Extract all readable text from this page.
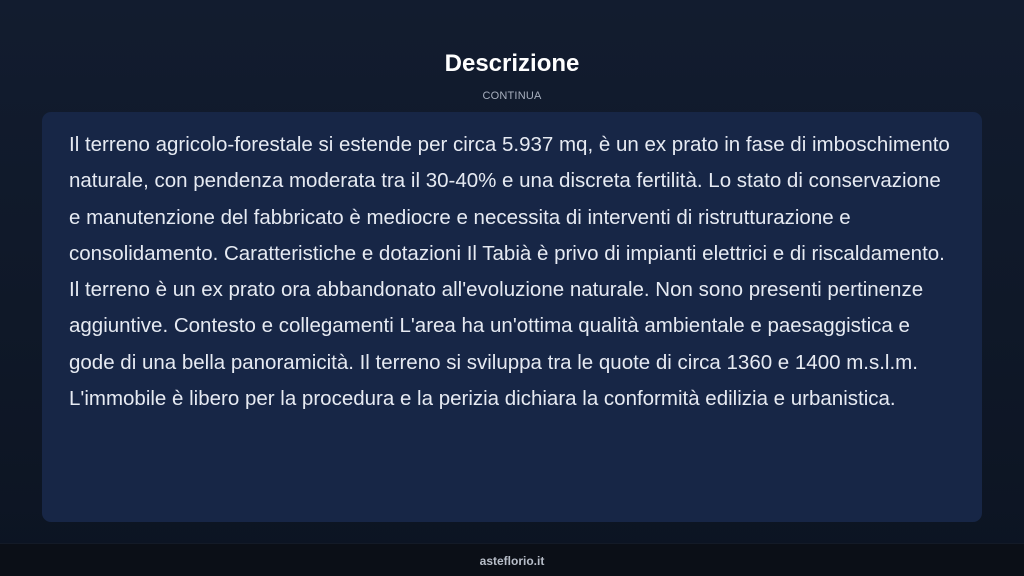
Descrizione
CONTINUA

Il terreno agricolo-forestale si estende per circa 5.937 mq, è un ex prato in fase di imboschimento naturale, con pendenza moderata tra il 30-40% e una discreta fertilità. Lo stato di conservazione e manutenzione del fabbricato è mediocre e necessita di interventi di ristrutturazione e consolidamento. Caratteristiche e dotazioni Il Tabià è privo di impianti elettrici e di riscaldamento. Il terreno è un ex prato ora abbandonato all'evoluzione naturale. Non sono presenti pertinenze aggiuntive. Contesto e collegamenti L'area ha un'ottima qualità ambientale e paesaggistica e gode di una bella panoramicità. Il terreno si sviluppa tra le quote di circa 1360 e 1400 m.s.l.m. L'immobile è libero per la procedura e la perizia dichiara la conformità edilizia e urbanistica.

asteflorio.it
